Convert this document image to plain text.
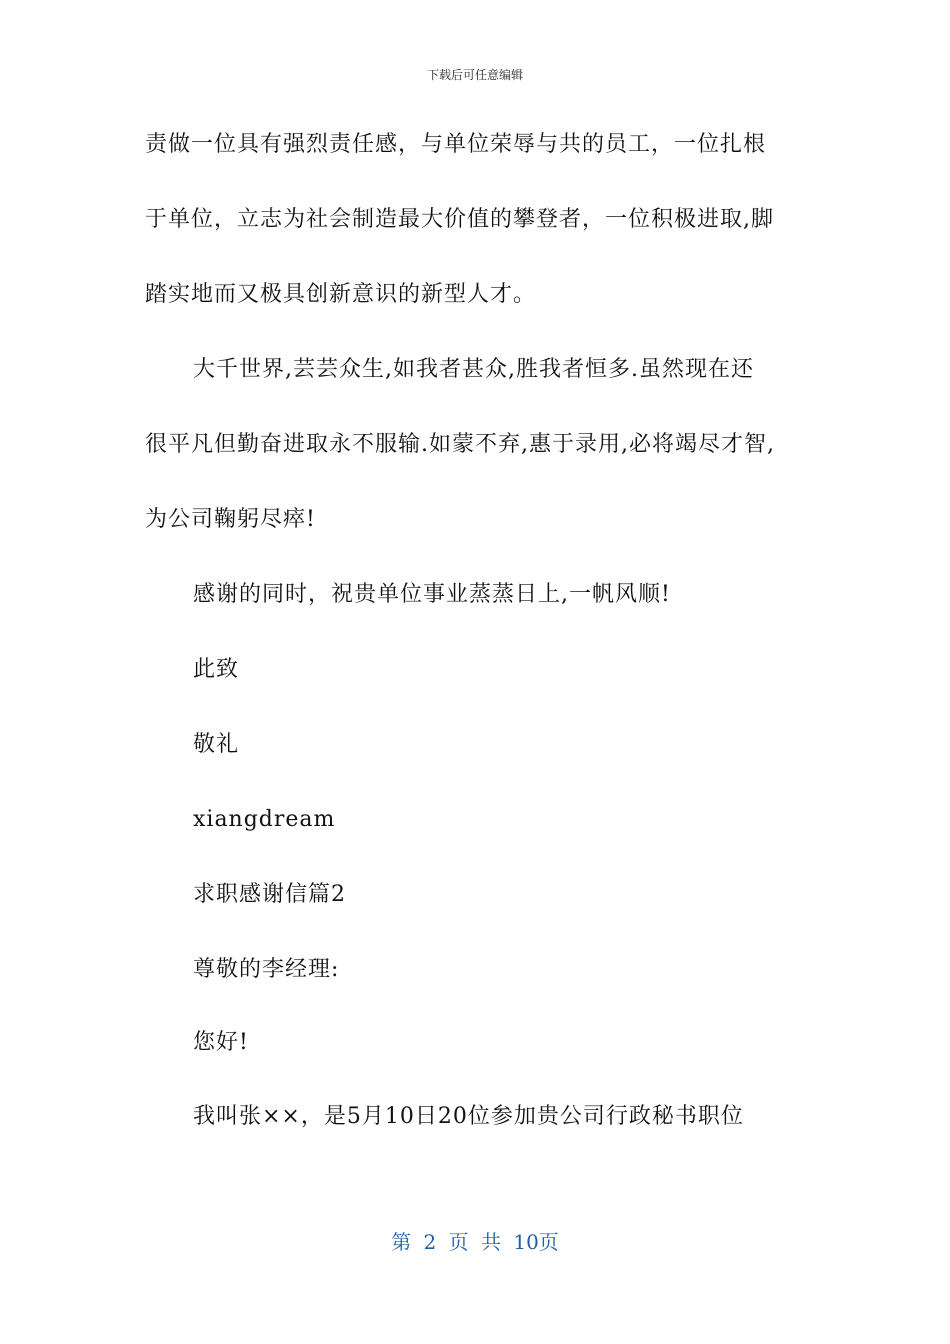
下载后可任意编辑
责做一位具有强烈责任感，与单位荣辱与共的员工，一位扎根
于单位，立志为社会制造最大价值的攀登者，一位积极进取,脚
踏实地而又极具创新意识的新型人才。
大千世界,芸芸众生,如我者甚众,胜我者恒多.虽然现在还
很平凡但勤奋进取永不服输.如蒙不弃,惠于录用,必将竭尽才智,
为公司鞠躬尽瘁!
感谢的同时，祝贵单位事业蒸蒸日上,一帆风顺!
此致
敬礼
xiangdream
求职感谢信篇2
尊敬的李经理:
您好!
我叫张××，是5月10日20位参加贵公司行政秘书职位
第 2 页 共 10页
